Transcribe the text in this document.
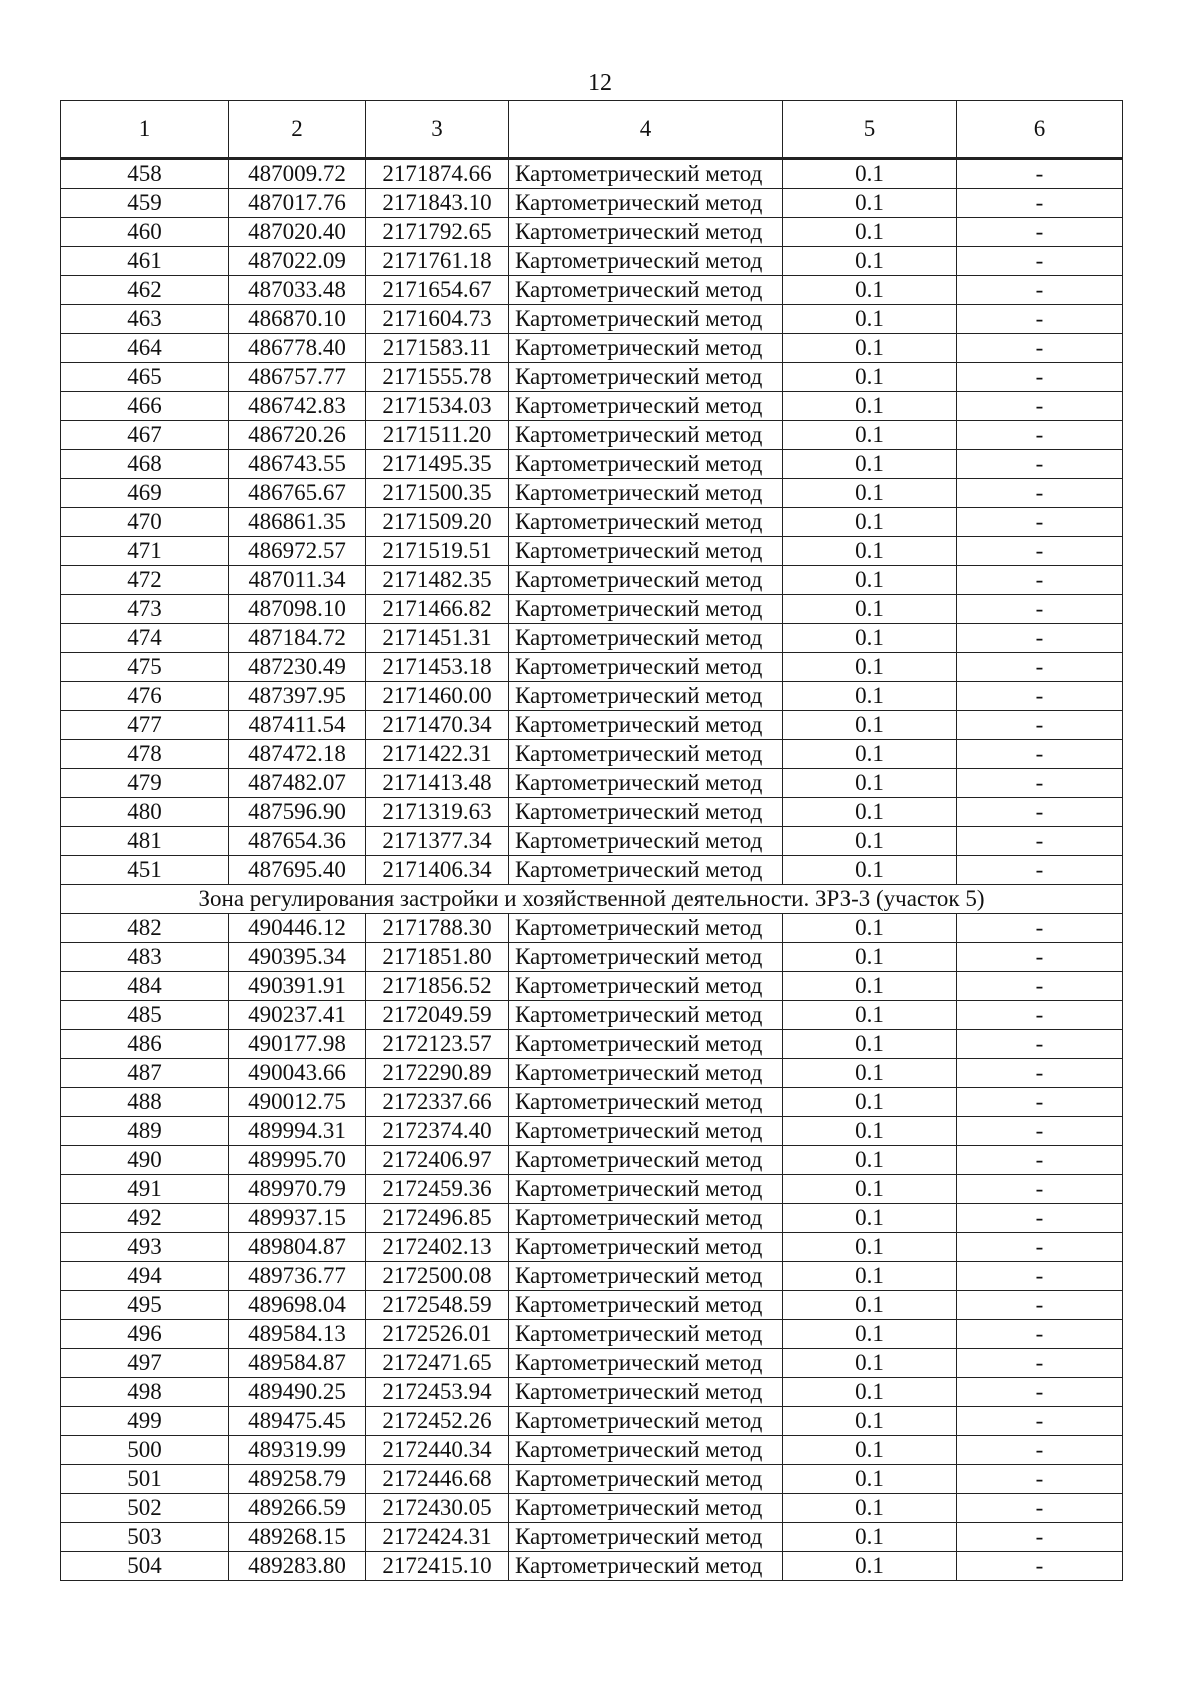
12
1	2	3	4	5	6
458	487009.72	2171874.66	Картометрический метод	0.1	-
459	487017.76	2171843.10	Картометрический метод	0.1	-
460	487020.40	2171792.65	Картометрический метод	0.1	-
461	487022.09	2171761.18	Картометрический метод	0.1	-
462	487033.48	2171654.67	Картометрический метод	0.1	-
463	486870.10	2171604.73	Картометрический метод	0.1	-
464	486778.40	2171583.11	Картометрический метод	0.1	-
465	486757.77	2171555.78	Картометрический метод	0.1	-
466	486742.83	2171534.03	Картометрический метод	0.1	-
467	486720.26	2171511.20	Картометрический метод	0.1	-
468	486743.55	2171495.35	Картометрический метод	0.1	-
469	486765.67	2171500.35	Картометрический метод	0.1	-
470	486861.35	2171509.20	Картометрический метод	0.1	-
471	486972.57	2171519.51	Картометрический метод	0.1	-
472	487011.34	2171482.35	Картометрический метод	0.1	-
473	487098.10	2171466.82	Картометрический метод	0.1	-
474	487184.72	2171451.31	Картометрический метод	0.1	-
475	487230.49	2171453.18	Картометрический метод	0.1	-
476	487397.95	2171460.00	Картометрический метод	0.1	-
477	487411.54	2171470.34	Картометрический метод	0.1	-
478	487472.18	2171422.31	Картометрический метод	0.1	-
479	487482.07	2171413.48	Картометрический метод	0.1	-
480	487596.90	2171319.63	Картометрический метод	0.1	-
481	487654.36	2171377.34	Картометрический метод	0.1	-
451	487695.40	2171406.34	Картометрический метод	0.1	-
Зона регулирования застройки и хозяйственной деятельности. ЗРЗ-3 (участок 5)					
482	490446.12	2171788.30	Картометрический метод	0.1	-
483	490395.34	2171851.80	Картометрический метод	0.1	-
484	490391.91	2171856.52	Картометрический метод	0.1	-
485	490237.41	2172049.59	Картометрический метод	0.1	-
486	490177.98	2172123.57	Картометрический метод	0.1	-
487	490043.66	2172290.89	Картометрический метод	0.1	-
488	490012.75	2172337.66	Картометрический метод	0.1	-
489	489994.31	2172374.40	Картометрический метод	0.1	-
490	489995.70	2172406.97	Картометрический метод	0.1	-
491	489970.79	2172459.36	Картометрический метод	0.1	-
492	489937.15	2172496.85	Картометрический метод	0.1	-
493	489804.87	2172402.13	Картометрический метод	0.1	-
494	489736.77	2172500.08	Картометрический метод	0.1	-
495	489698.04	2172548.59	Картометрический метод	0.1	-
496	489584.13	2172526.01	Картометрический метод	0.1	-
497	489584.87	2172471.65	Картометрический метод	0.1	-
498	489490.25	2172453.94	Картометрический метод	0.1	-
499	489475.45	2172452.26	Картометрический метод	0.1	-
500	489319.99	2172440.34	Картометрический метод	0.1	-
501	489258.79	2172446.68	Картометрический метод	0.1	-
502	489266.59	2172430.05	Картометрический метод	0.1	-
503	489268.15	2172424.31	Картометрический метод	0.1	-
504	489283.80	2172415.10	Картометрический метод	0.1	-
